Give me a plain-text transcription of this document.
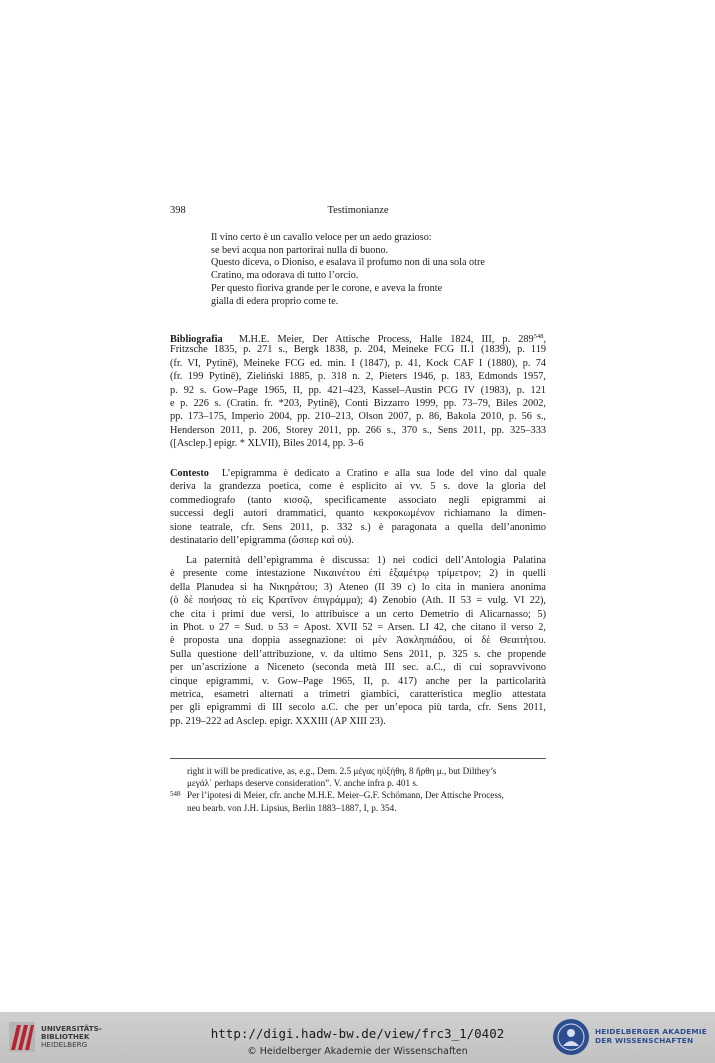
398	Testimonianze
Il vino certo è un cavallo veloce per un aedo grazioso:
se bevi acqua non partorirai nulla di buono.
Questo diceva, o Dioniso, e esalava il profumo non di una sola otre
Cratino, ma odorava di tutto l’orcio.
Per questo fioriva grande per le corone, e aveva la fronte
gialla di edera proprio come te.
Bibliografia M.H.E. Meier, Der Attische Process, Halle 1824, III, p. $289^{548}$,
Fritzsche 1835, p. 271 s., Bergk 1838, p. 204, Meineke FCG II.1 (1839), p. 119
(fr. VI, Pytinē), Meineke FCG ed. min. I (1847), p. 41, Kock CAF I (1880), p. 74
(fr. 199 Pytinē), Zieliński 1885, p. 318 n. 2, Pieters 1946, p. 183, Edmonds 1957,
p. 92 s. Gow–Page 1965, II, pp. 421–423, Kassel–Austin PCG IV (1983), p. 121
e p. 226 s. (Cratin. fr. *203, Pytinē), Conti Bizzarro 1999, pp. 73–79, Biles 2002,
pp. 173–175, Imperio 2004, pp. 210–213, Olson 2007, p. 86, Bakola 2010, p. 56 s.,
Henderson 2011, p. 206, Storey 2011, pp. 266 s., 370 s., Sens 2011, pp. 325–333
([Asclep.] epigr. * XLVII), Biles 2014, pp. 3–6
Contesto L’epigramma è dedicato a Cratino e alla sua lode del vino dal quale
deriva la grandezza poetica, come è esplicito ai vv. 5 s. dove la gloria del
commediografo (tanto κισσῷ, specificamente associato negli epigrammi ai
successi degli autori drammatici, quanto κεκροκωμένον richiamano la dimen-
sione teatrale, cfr. Sens 2011, p. 332 s.) è paragonata a quella dell’anonimo
destinatario dell’epigramma (ὥσπερ καὶ σύ).
La paternità dell’epigramma è discussa: 1) nei codici dell’Antologia Palatina
è presente come intestazione Νικαινέτου ἐπὶ ἑξαμέτρῳ τρίμετρον; 2) in quelli
della Planudea si ha Νικηράτου; 3) Ateneo (II 39 c) lo cita in maniera anonima
(ὁ δὲ ποιήσας τὸ εἰς Κρατῖνον ἐπιγράμμα); 4) Zenobio (Ath. II 53 = vulg. VI 22),
che cita i primi due versi, lo attribuisce a un certo Demetrio di Alicarnasso; 5)
in Phot. υ 27 = Sud. υ 53 = Apost. XVII 52 = Arsen. LI 42, che citano il verso 2,
è proposta una doppia assegnazione: οἱ μὲν Ἀσκληπιάδου, οἱ δὲ Θεαιτήτου.
Sulla questione dell’attribuzione, v. da ultimo Sens 2011, p. 325 s. che propende
per un’ascrizione a Niceneto (seconda metà III sec. a.C., di cui sopravvivono
cinque epigrammi, v. Gow–Page 1965, II, p. 417) anche per la particolarità
metrica, esametri alternati a trimetri giambici, caratteristica meglio attestata
per gli epigrammi di III secolo a.C. che per un’epoca più tarda, cfr. Sens 2011,
pp. 219–222 ad Asclep. epigr. XXXIII (AP XIII 23).
right it will be predicative, as, e.g., Dem. 2.5 μέγας ηὐξήθη, 8 ἤρθη μ., but Dilthey’s
μεγάλ᾽ perhaps deserve consideration”. V. anche infra p. 401 s.
548 Per l’ipotesi di Meier, cfr. anche M.H.E. Meier–G.F. Schömann, Der Attische Process,
neu bearb. von J.H. Lipsius, Berlin 1883–1887, I, p. 354.
UNIVERSITÄTS-
BIBLIOTHEK
HEIDELBERG
http://digi.hadw-bw.de/view/frc3_1/0402
© Heidelberger Akademie der Wissenschaften
HEIDELBERGER AKADEMIE
DER WISSENSCHAFTEN
